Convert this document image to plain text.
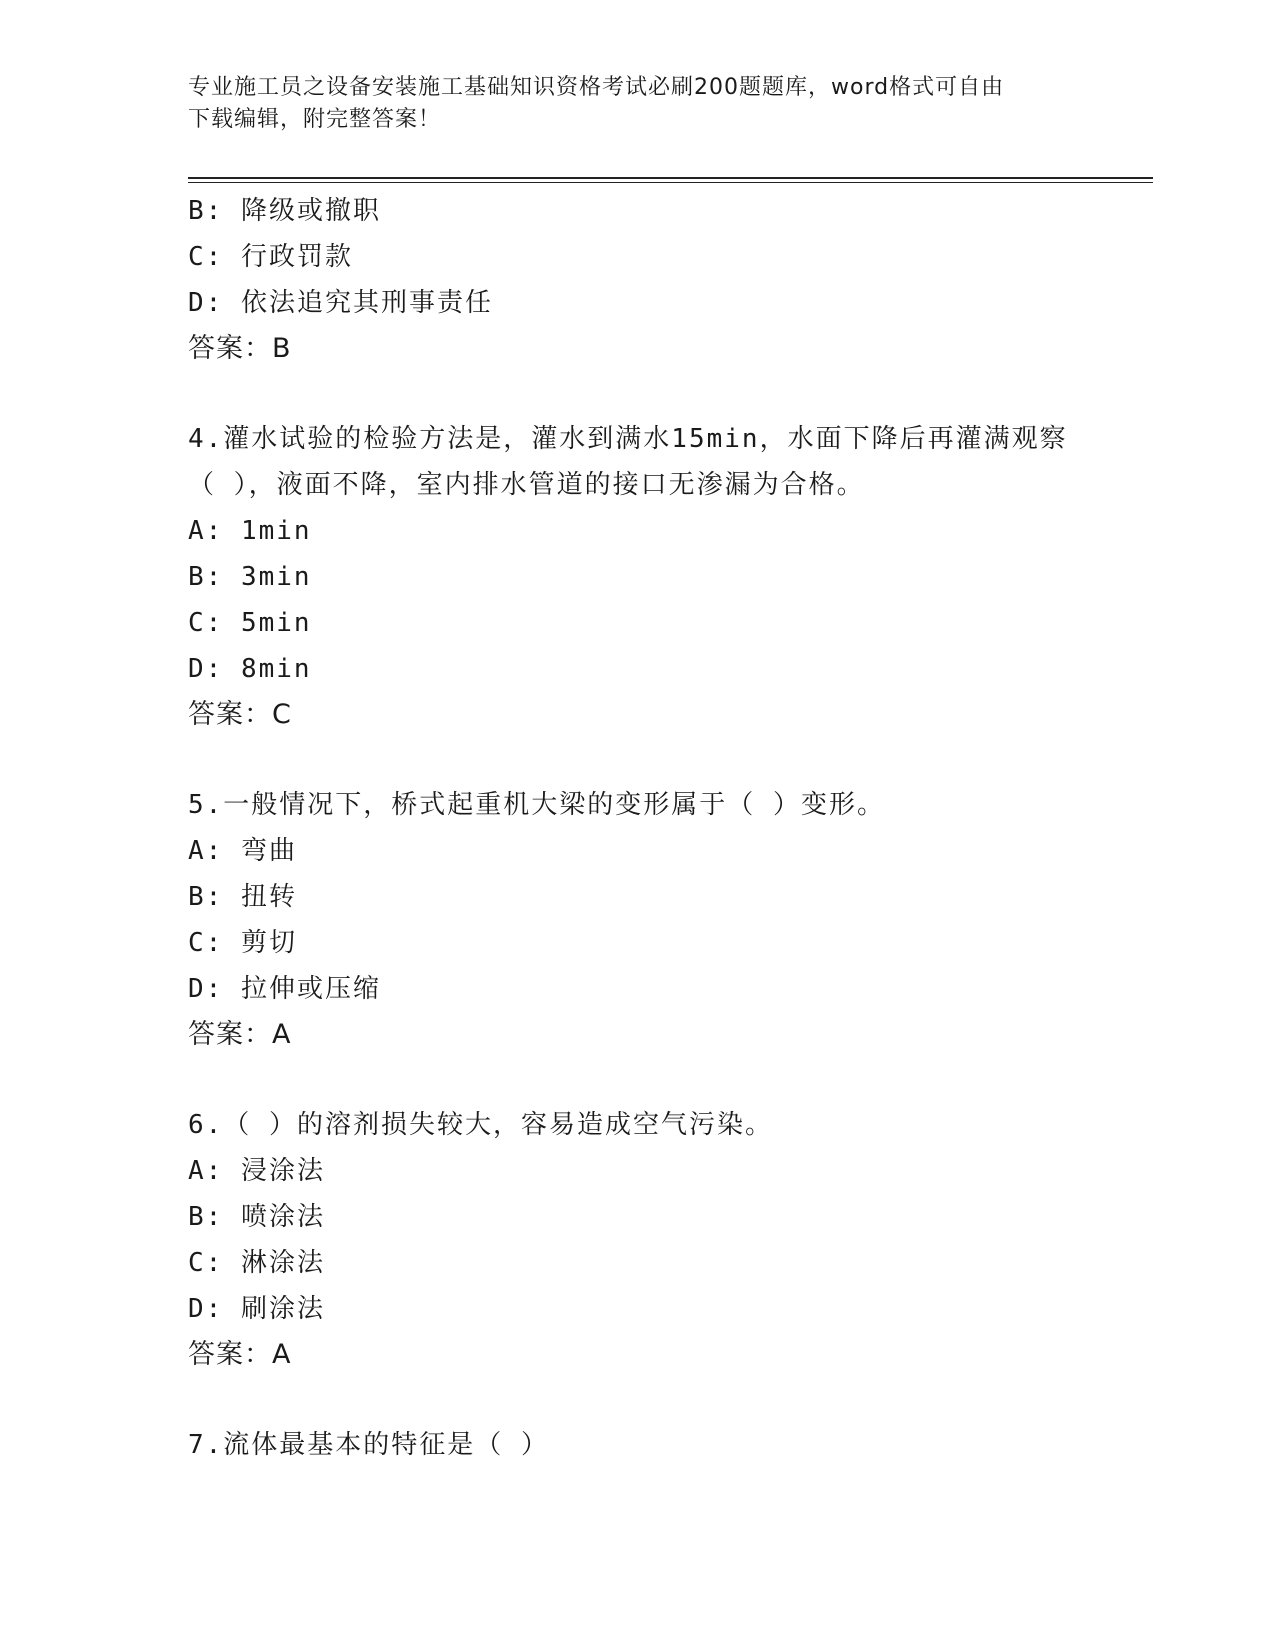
专业施工员之设备安装施工基础知识资格考试必刷200题题库，word格式可自由
下载编辑，附完整答案！
B: 降级或撤职
C: 行政罚款
D: 依法追究其刑事责任
答案：B
4.灌水试验的检验方法是，灌水到满水15min，水面下降后再灌满观察
（ ），液面不降，室内排水管道的接口无渗漏为合格。
A: 1min
B: 3min
C: 5min
D: 8min
答案：C
5.一般情况下，桥式起重机大梁的变形属于（ ）变形。
A: 弯曲
B: 扭转
C: 剪切
D: 拉伸或压缩
答案：A
6.（ ）的溶剂损失较大，容易造成空气污染。
A: 浸涂法
B: 喷涂法
C: 淋涂法
D: 刷涂法
答案：A
7.流体最基本的特征是（ ）
